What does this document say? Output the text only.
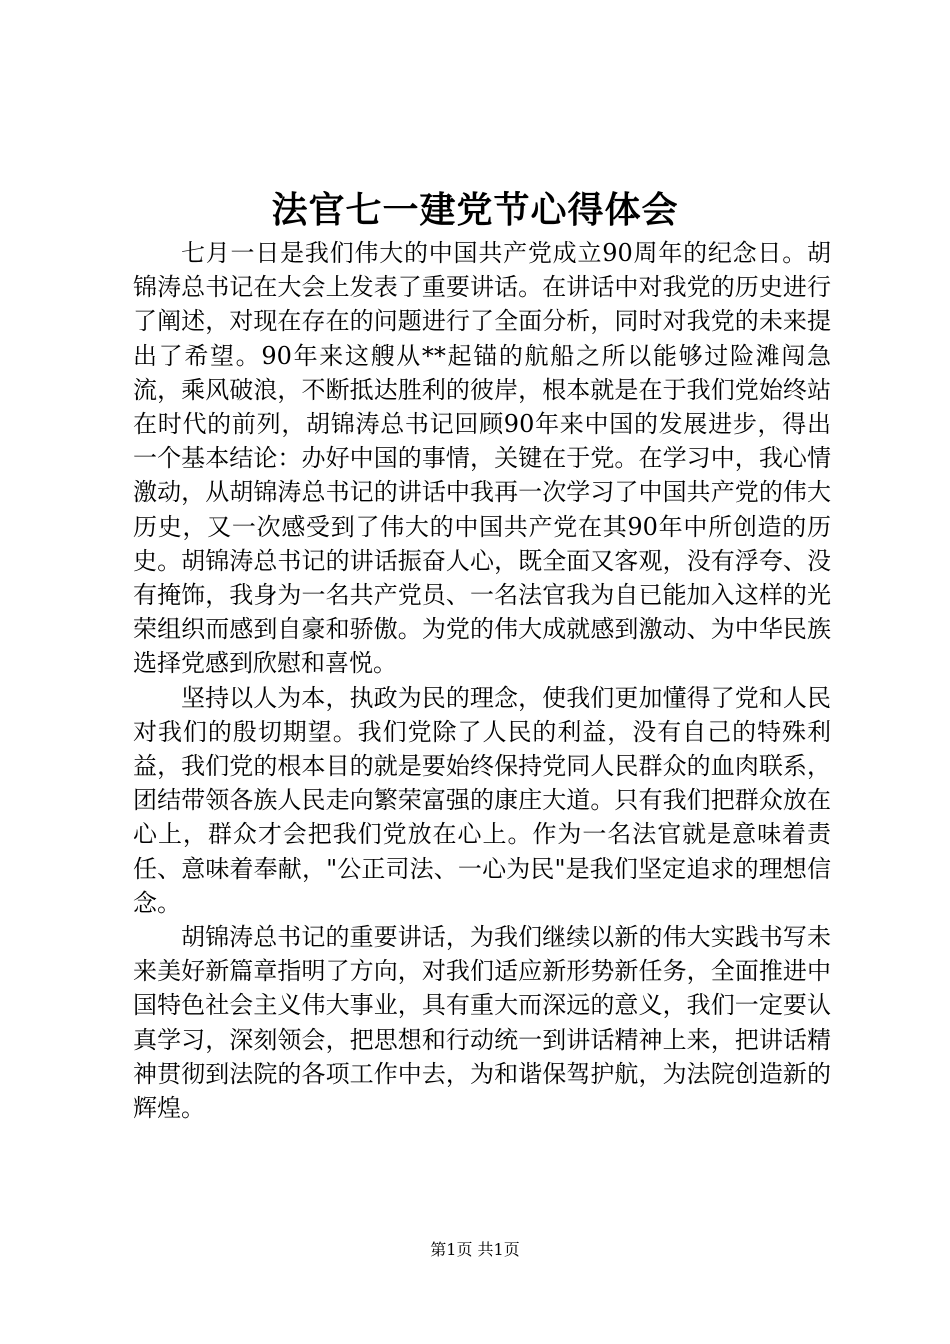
法官七一建党节心得体会

七月一日是我们伟大的中国共产党成立90周年的纪念日。胡锦涛总书记在大会上发表了重要讲话。在讲话中对我党的历史进行了阐述，对现在存在的问题进行了全面分析，同时对我党的未来提出了希望。90年来这艘从**起锚的航船之所以能够过险滩闯急流，乘风破浪，不断抵达胜利的彼岸，根本就是在于我们党始终站在时代的前列，胡锦涛总书记回顾90年来中国的发展进步，得出一个基本结论：办好中国的事情，关键在于党。在学习中，我心情激动，从胡锦涛总书记的讲话中我再一次学习了中国共产党的伟大历史，又一次感受到了伟大的中国共产党在其90年中所创造的历史。胡锦涛总书记的讲话振奋人心，既全面又客观，没有浮夸、没有掩饰，我身为一名共产党员、一名法官我为自已能加入这样的光荣组织而感到自豪和骄傲。为党的伟大成就感到激动、为中华民族选择党感到欣慰和喜悦。

坚持以人为本，执政为民的理念，使我们更加懂得了党和人民对我们的殷切期望。我们党除了人民的利益，没有自己的特殊利益，我们党的根本目的就是要始终保持党同人民群众的血肉联系，团结带领各族人民走向繁荣富强的康庄大道。只有我们把群众放在心上，群众才会把我们党放在心上。作为一名法官就是意味着责任、意味着奉献，"公正司法、一心为民"是我们坚定追求的理想信念。

胡锦涛总书记的重要讲话，为我们继续以新的伟大实践书写未来美好新篇章指明了方向，对我们适应新形势新任务，全面推进中国特色社会主义伟大事业，具有重大而深远的意义，我们一定要认真学习，深刻领会，把思想和行动统一到讲话精神上来，把讲话精神贯彻到法院的各项工作中去，为和谐保驾护航，为法院创造新的辉煌。

第1页 共1页
